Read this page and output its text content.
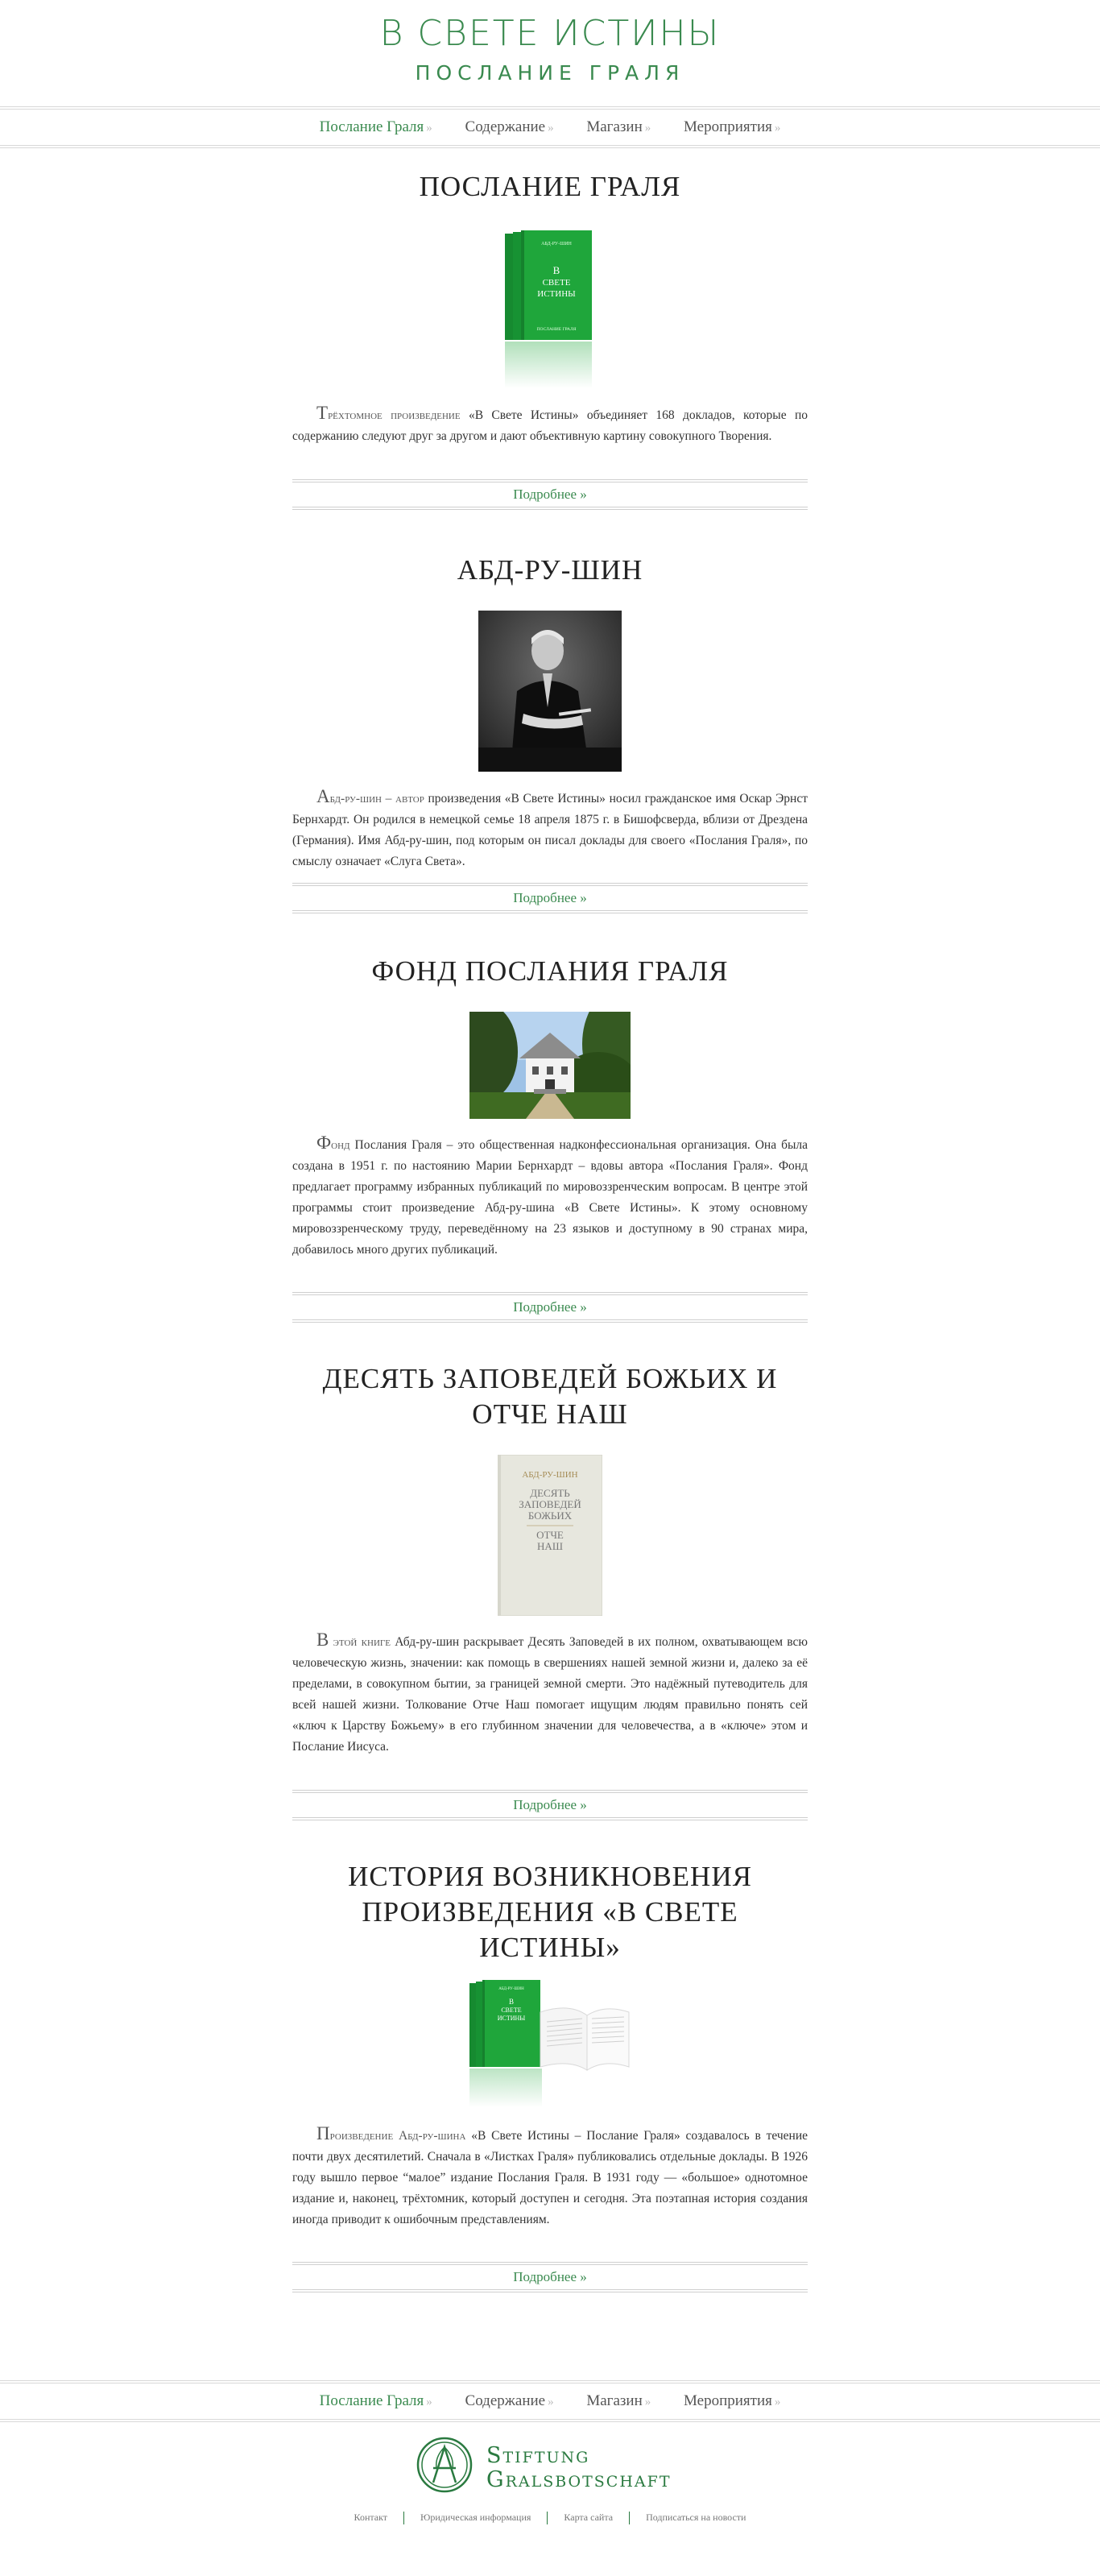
В СВЕТЕ ИСТИНЫ
ПОСЛАНИЕ ГРАЛЯ
Послание Граля » Содержание » Магазин » Мероприятия »
ПОСЛАНИЕ ГРАЛЯ
АБД-РУ-ШИН
В
СВЕТЕ
ИСТИНЫ
ПОСЛАНИЕ ГРАЛЯ

Трёхтомное произведение «В Свете Истины» объединяет 168 докладов, которые по содержанию следуют друг за другом и дают объективную картину совокупного Творения.

Подробнее »
АБД-РУ-ШИН

Абд-ру-шин – автор произведения «В Свете Истины» носил гражданское имя Оскар Эрнст Бернхардт. Он родился в немецкой семье 18 апреля 1875 г. в Бишофсверда, вблизи от Дрездена (Германия). Имя Абд-ру-шин, под которым он писал доклады для своего «Послания Граля», по смыслу означает «Слуга Света».

Подробнее »
ФОНД ПОСЛАНИЯ ГРАЛЯ

Фонд Послания Граля – это общественная надконфессиональная организация. Она была создана в 1951 г. по настоянию Марии Бернхардт – вдовы автора «Послания Граля». Фонд предлагает программу избранных публикаций по мировоззренческим вопросам. В центре этой программы стоит произведение Абд-ру-шина «В Свете Истины». К этому основному мировоззренческому труду, переведённому на 23 языков и доступному в 90 странах мира, добавилось много других публикаций.

Подробнее »
ДЕСЯТЬ ЗАПОВЕДЕЙ БОЖЬИХ И ОТЧЕ НАШ
АБД-РУ-ШИН
ДЕСЯТЬ
ЗАПОВЕДЕЙ
БОЖЬИХ
ОТЧЕ
НАШ

В этой книге Абд-ру-шин раскрывает Десять Заповедей в их полном, охватывающем всю человеческую жизнь, значении: как помощь в свершениях нашей земной жизни и, далеко за её пределами, в совокупном бытии, за границей земной смерти. Это надёжный путеводитель для всей нашей жизни. Толкование Отче Наш помогает ищущим людям правильно понять сей «ключ к Царству Божьему» в его глубинном значении для человечества, а в «ключе» этом и Послание Иисуса.

Подробнее »
ИСТОРИЯ ВОЗНИКНОВЕНИЯ ПРОИЗВЕДЕНИЯ «В СВЕТЕ ИСТИНЫ»
АБД-РУ-ШИН
В
СВЕТЕ
ИСТИНЫ

Произведение Абд-ру-шина «В Свете Истины – Послание Граля» создавалось в течение почти двух десятилетий. Сначала в «Листках Граля» публиковались отдельные доклады. В 1926 году вышло первое “малое” издание Послания Граля. В 1931 году — «большое» однотомное издание и, наконец, трёхтомник, который доступен и сегодня. Эта поэтапная история создания иногда приводит к ошибочным представлениям.

Подробнее »
Послание Граля » Содержание » Магазин » Мероприятия »
Stiftung
Gralsbotschaft
Контакт	Юридическая информация	Карта сайта	Подписаться на новости
